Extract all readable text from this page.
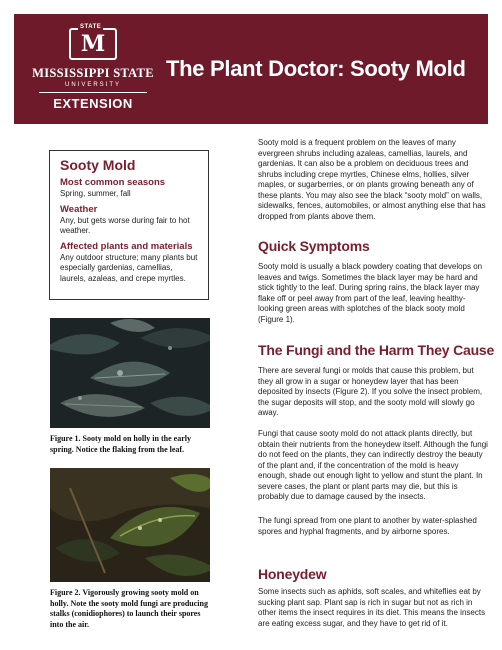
STATE
M
MISSISSIPPI STATE
UNIVERSITY
EXTENSION
The Plant Doctor: Sooty Mold
Sooty Mold
Most common seasons

Spring, summer, fall

Weather

Any, but gets worse during fair to hot weather.

Affected plants and materials

Any outdoor structure; many plants but especially gardenias, camellias, laurels, azaleas, and crepe myrtles.

Figure 1. Sooty mold on holly in the early spring. Notice the flaking from the leaf.
Figure 2. Vigorously growing sooty mold on holly. Note the sooty mold fungi are producing stalks (conidiophores) to launch their spores into the air.

Sooty mold is a frequent problem on the leaves of many evergreen shrubs including azaleas, camellias, laurels, and gardenias. It can also be a problem on deciduous trees and shrubs including crepe myrtles, Chinese elms, hollies, silver maples, or sugarberries, or on plants growing beneath any of these plants. You may also see the black “sooty mold” on walls, sidewalks, fences, automobiles, or almost anything else that has dropped from plants above them.

Quick Symptoms

Sooty mold is usually a black powdery coating that develops on leaves and twigs. Sometimes the black layer may be hard and stick tightly to the leaf. During spring rains, the black layer may flake off or peel away from part of the leaf, leaving healthy-looking green areas with splotches of the black sooty mold (Figure 1).

The Fungi and the Harm They Cause

There are several fungi or molds that cause this problem, but they all grow in a sugar or honeydew layer that has been deposited by insects (Figure 2). If you solve the insect problem, the sugar deposits will stop, and the sooty mold will slowly go away.

Fungi that cause sooty mold do not attack plants directly, but obtain their nutrients from the honeydew itself. Although the fungi do not feed on the plants, they can indirectly destroy the beauty of the plant and, if the concentration of the mold is heavy enough, shade out enough light to yellow and stunt the plant. In severe cases, the plant or plant parts may die, but this is probably due to damage caused by the insects.

The fungi spread from one plant to another by water-splashed spores and hyphal fragments, and by airborne spores.

Honeydew

Some insects such as aphids, soft scales, and whiteflies eat by sucking plant sap. Plant sap is rich in sugar but not as rich in other items the insect requires in its diet. This means the insects are eating excess sugar, and they have to get rid of it.
